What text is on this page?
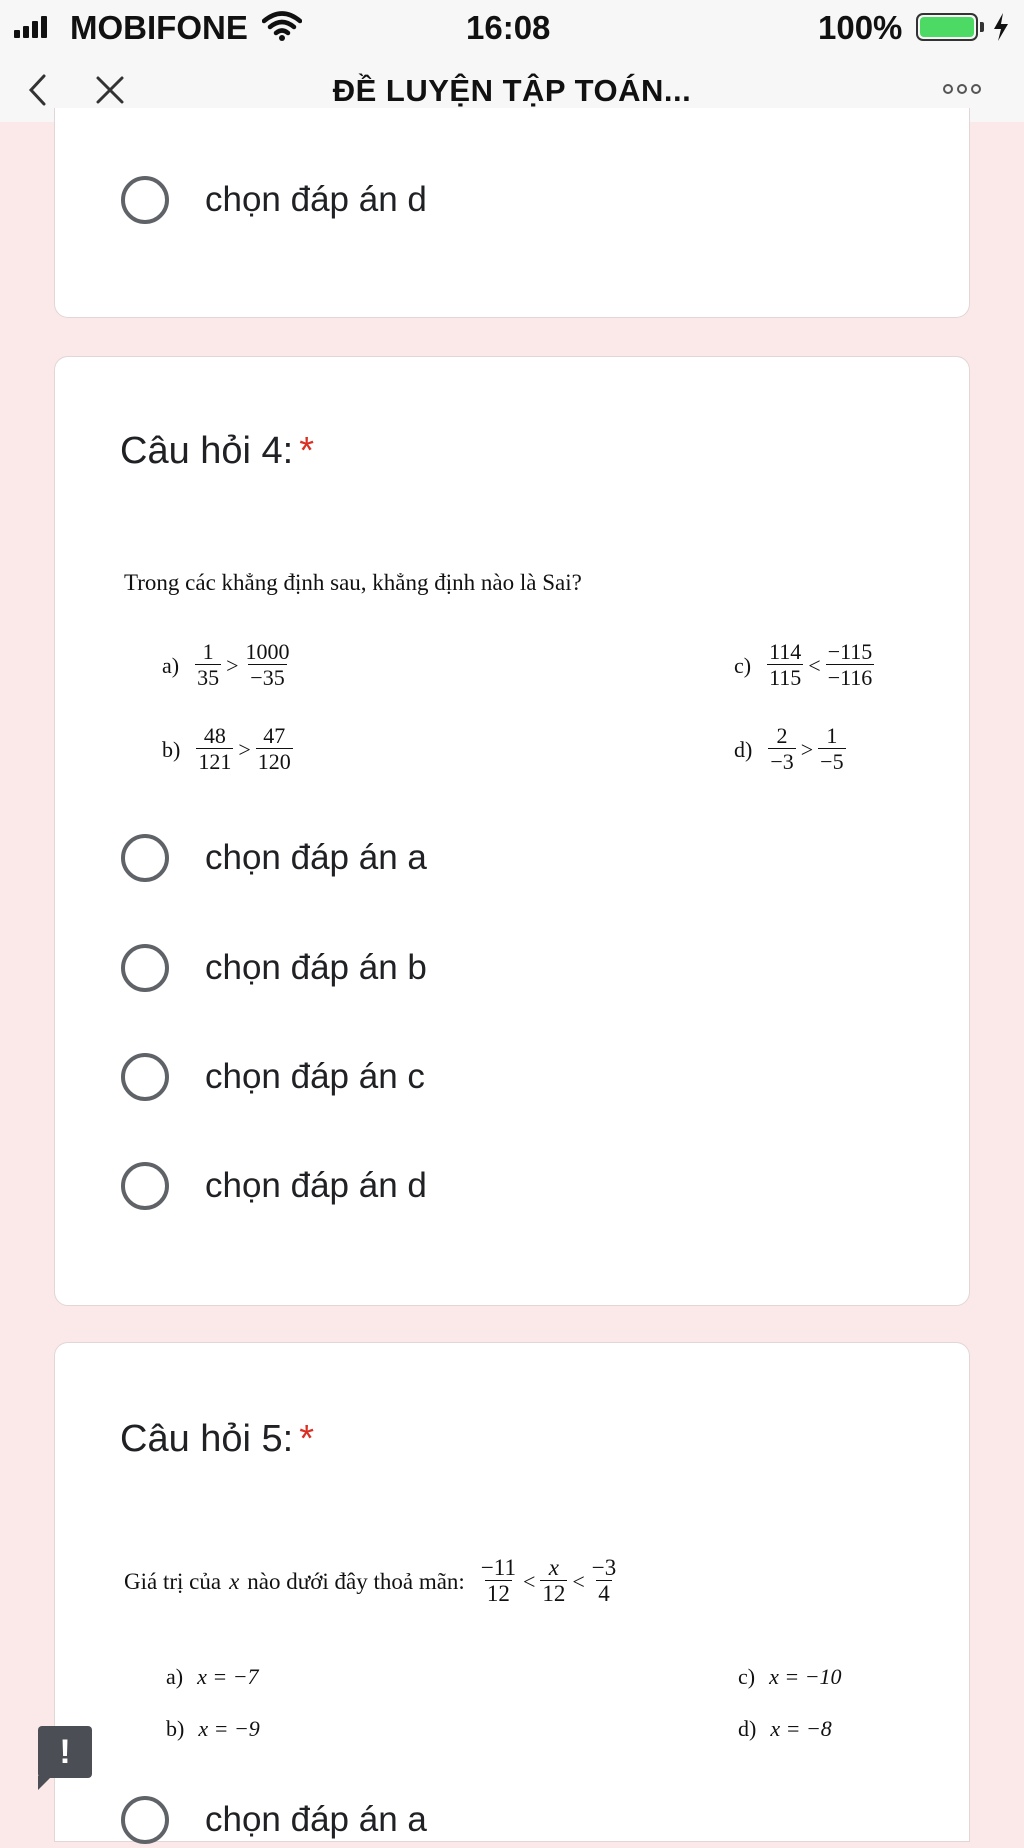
MOBIFONE	16:08	100%
ĐỀ LUYỆN TẬP TOÁN...
chọn đáp án d
Câu hỏi 4: *
Trong các khẳng định sau, khẳng định nào là Sai?
$a) \frac{1}{35} > \frac{1000}{-35}$
$b) \frac{48}{121} > \frac{47}{120}$
$c) \frac{114}{115} < \frac{-115}{-116}$
$d) \frac{2}{-3} > \frac{1}{-5}$
chọn đáp án a
chọn đáp án b
chọn đáp án c
chọn đáp án d
Câu hỏi 5: *
Giá trị của x nào dưới đây thoả mãn: $\frac{-11}{12} < \frac{x}{12} < \frac{-3}{4}$
a) x = −7
b) x = −9
c) x = −10
d) x = −8
chọn đáp án a
!
